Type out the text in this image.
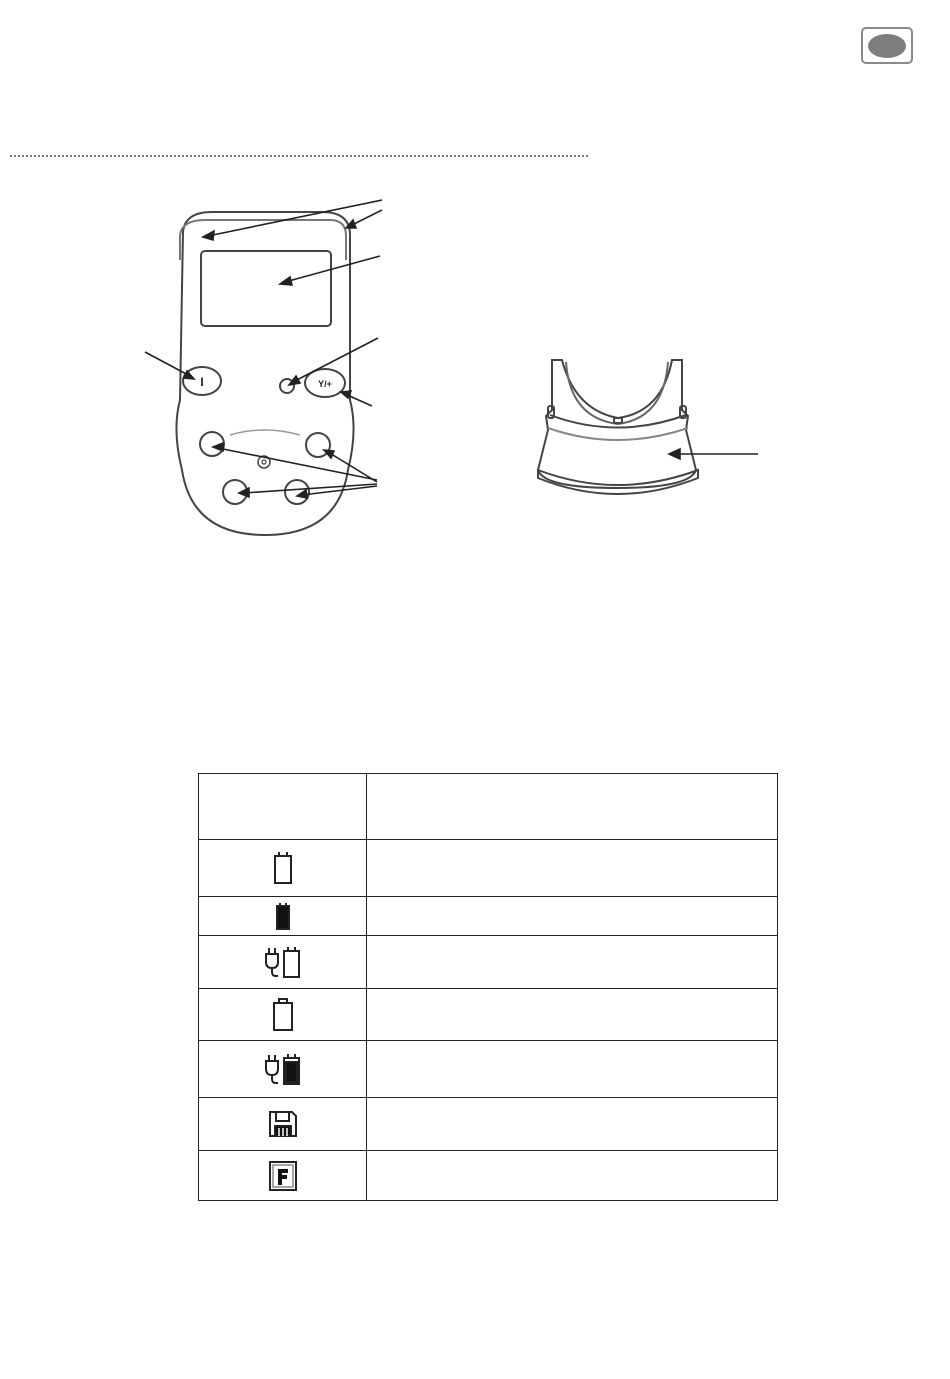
I	Y/+
